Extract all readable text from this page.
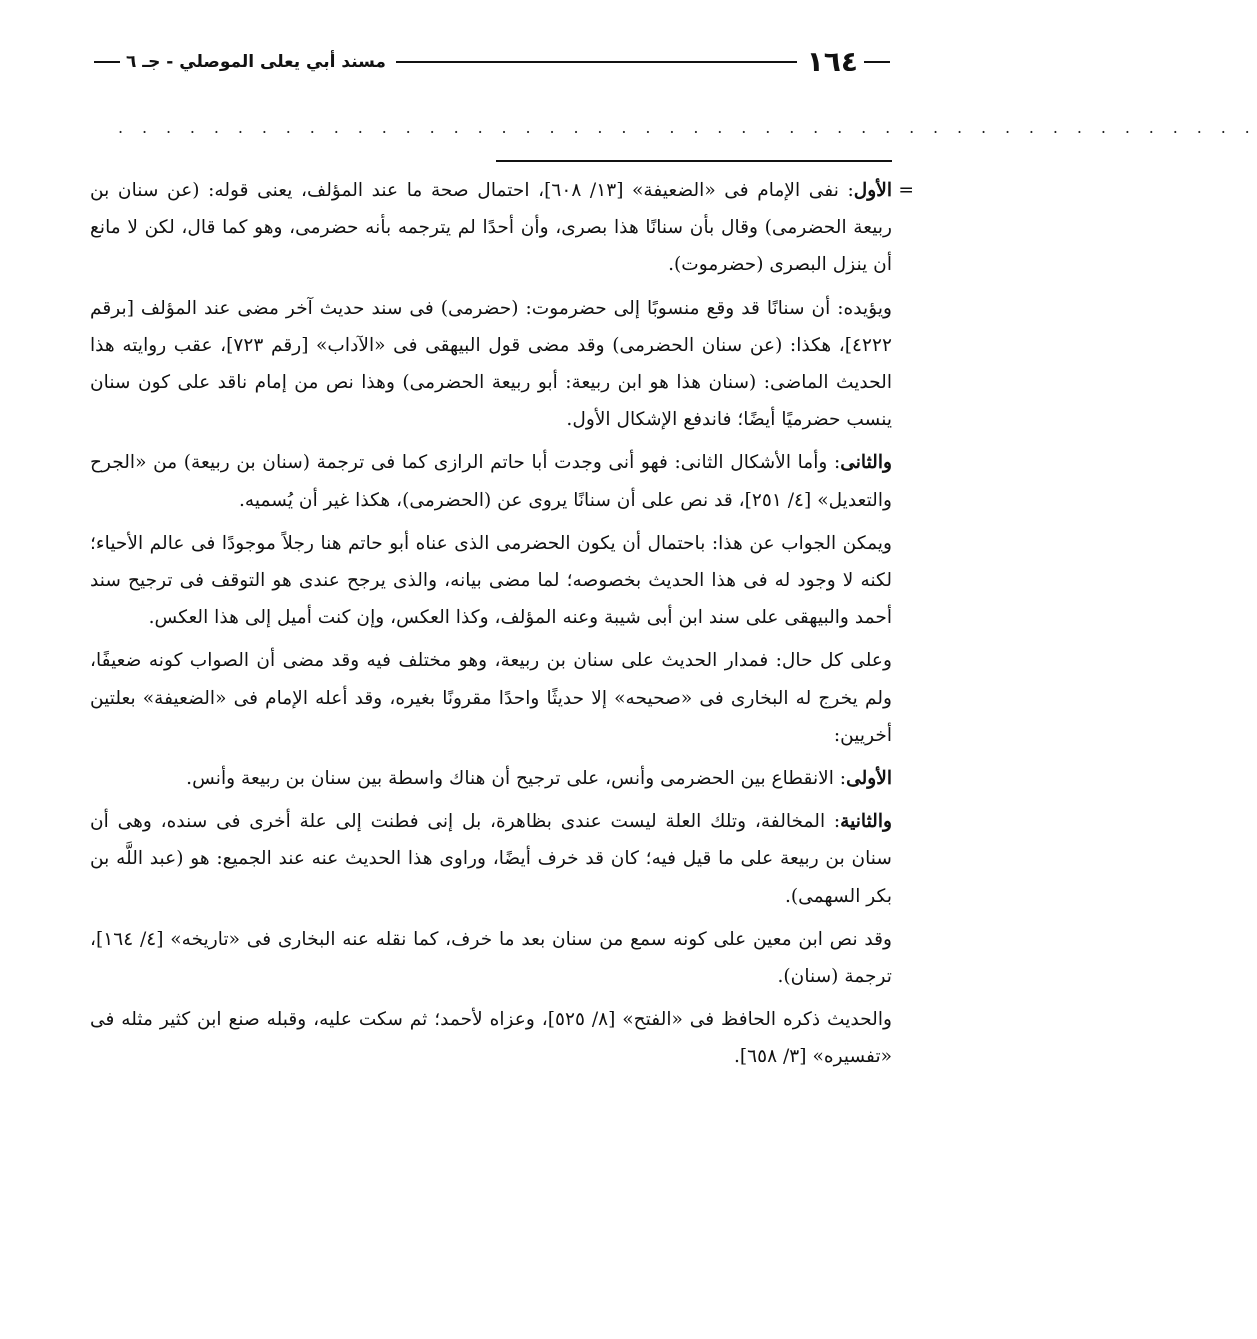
١٦٤
مسند أبي يعلى الموصلي - جـ ٦
. . . . . . . . . . . . . . . . . . . . . . . . . . . . . . . . . . . . . . . . . . . . . . . .

= الأول: نفى الإمام فى «الضعيفة» [١٣/ ٦٠٨]، احتمال صحة ما عند المؤلف، يعنى قوله: (عن سنان بن ربيعة الحضرمى) وقال بأن سنانًا هذا بصرى، وأن أحدًا لم يترجمه بأنه حضرمى، وهو كما قال، لكن لا مانع أن ينزل البصرى (حضرموت).

ويؤيده: أن سنانًا قد وقع منسوبًا إلى حضرموت: (حضرمى) فى سند حديث آخر مضى عند المؤلف [برقم ٤٢٢٢]، هكذا: (عن سنان الحضرمى) وقد مضى قول البيهقى فى «الآداب» [رقم ٧٢٣]، عقب روايته هذا الحديث الماضى: (سنان هذا هو ابن ربيعة: أبو ربيعة الحضرمى) وهذا نص من إمام ناقد على كون سنان ينسب حضرميًا أيضًا؛ فاندفع الإشكال الأول.

والثانى: وأما الأشكال الثانى: فهو أنى وجدت أبا حاتم الرازى كما فى ترجمة (سنان بن ربيعة) من «الجرح والتعديل» [٤/ ٢٥١]، قد نص على أن سنانًا يروى عن (الحضرمى)، هكذا غير أن يُسميه.

ويمكن الجواب عن هذا: باحتمال أن يكون الحضرمى الذى عناه أبو حاتم هنا رجلاً موجودًا فى عالم الأحياء؛ لكنه لا وجود له فى هذا الحديث بخصوصه؛ لما مضى بيانه، والذى يرجح عندى هو التوقف فى ترجيح سند أحمد والبيهقى على سند ابن أبى شيبة وعنه المؤلف، وكذا العكس، وإن كنت أميل إلى هذا العكس.

وعلى كل حال: فمدار الحديث على سنان بن ربيعة، وهو مختلف فيه وقد مضى أن الصواب كونه ضعيفًا، ولم يخرج له البخارى فى «صحيحه» إلا حديثًا واحدًا مقرونًا بغيره، وقد أعله الإمام فى «الضعيفة» بعلتين أخريين:

الأولى: الانقطاع بين الحضرمى وأنس، على ترجيح أن هناك واسطة بين سنان بن ربيعة وأنس.

والثانية: المخالفة، وتلك العلة ليست عندى بظاهرة، بل إنى فطنت إلى علة أخرى فى سنده، وهى أن سنان بن ربيعة على ما قيل فيه؛ كان قد خرف أيضًا، وراوى هذا الحديث عنه عند الجميع: هو (عبد اللَّه بن بكر السهمى).

وقد نص ابن معين على كونه سمع من سنان بعد ما خرف، كما نقله عنه البخارى فى «تاريخه» [٤/ ١٦٤]، ترجمة (سنان).

والحديث ذكره الحافظ فى «الفتح» [٨/ ٥٢٥]، وعزاه لأحمد؛ ثم سكت عليه، وقبله صنع ابن كثير مثله فى «تفسيره» [٣/ ٦٥٨].
